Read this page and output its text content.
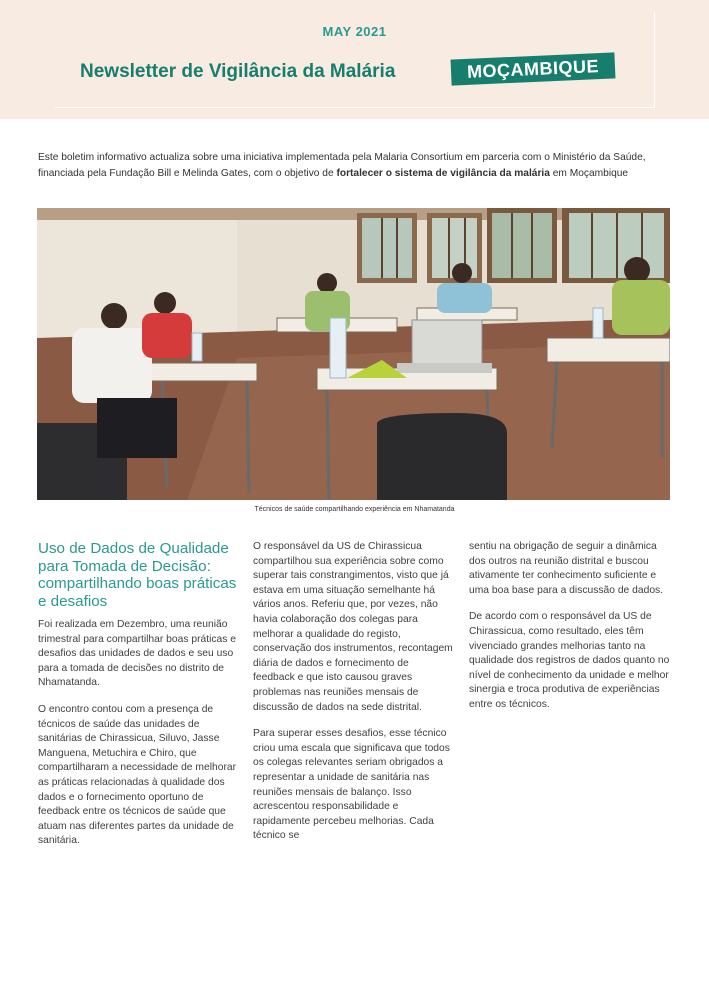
MAY 2021
Newsletter de Vigilância da Malária	MOÇAMBIQUE
Este boletim informativo actualiza sobre uma iniciativa implementada pela Malaria Consortium em parceria com o Ministério da Saúde, financiada pela Fundação Bill e Melinda Gates, com o objetivo de fortalecer o sistema de vigilância da malária em Moçambique
Técnicos de saúde compartilhando experiência em Nhamatanda
Uso de Dados de Qualidade para Tomada de Decisão: compartilhando boas práticas e desafios

Foi realizada em Dezembro, uma reunião trimestral para compartilhar boas práticas e desafios das unidades de dados e seu uso para a tomada de decisões no distrito de Nhamatanda.

O encontro contou com a presença de técnicos de saúde das unidades de sanitárias de Chirassicua, Siluvo, Jasse Manguena, Metuchira e Chiro, que compartilharam a necessidade de melhorar as práticas relacionadas à qualidade dos dados e o fornecimento oportuno de feedback entre os técnicos de saúde que atuam nas diferentes partes da unidade de sanitária.

O responsável da US de Chirassicua compartilhou sua experiência sobre como superar tais constrangimentos, visto que já estava em uma situação semelhante há vários anos. Referiu que, por vezes, não havia colaboração dos colegas para melhorar a qualidade do registo, conservação dos instrumentos, recontagem diária de dados e fornecimento de feedback e que isto causou graves problemas nas reuniões mensais de discussão de dados na sede distrital.

Para superar esses desafios, esse técnico criou uma escala que significava que todos os colegas relevantes seriam obrigados a representar a unidade de sanitária nas reuniões mensais de balanço. Isso acrescentou responsabilidade e rapidamente percebeu melhorias. Cada técnico se

sentiu na obrigação de seguir a dinâmica dos outros na reunião distrital e buscou ativamente ter conhecimento suficiente e uma boa base para a discussão de dados.

De acordo com o responsável da US de Chirassicua, como resultado, eles têm vivenciado grandes melhorias tanto na qualidade dos registros de dados quanto no nível de conhecimento da unidade e melhor sinergia e troca produtiva de experiências entre os técnicos.
